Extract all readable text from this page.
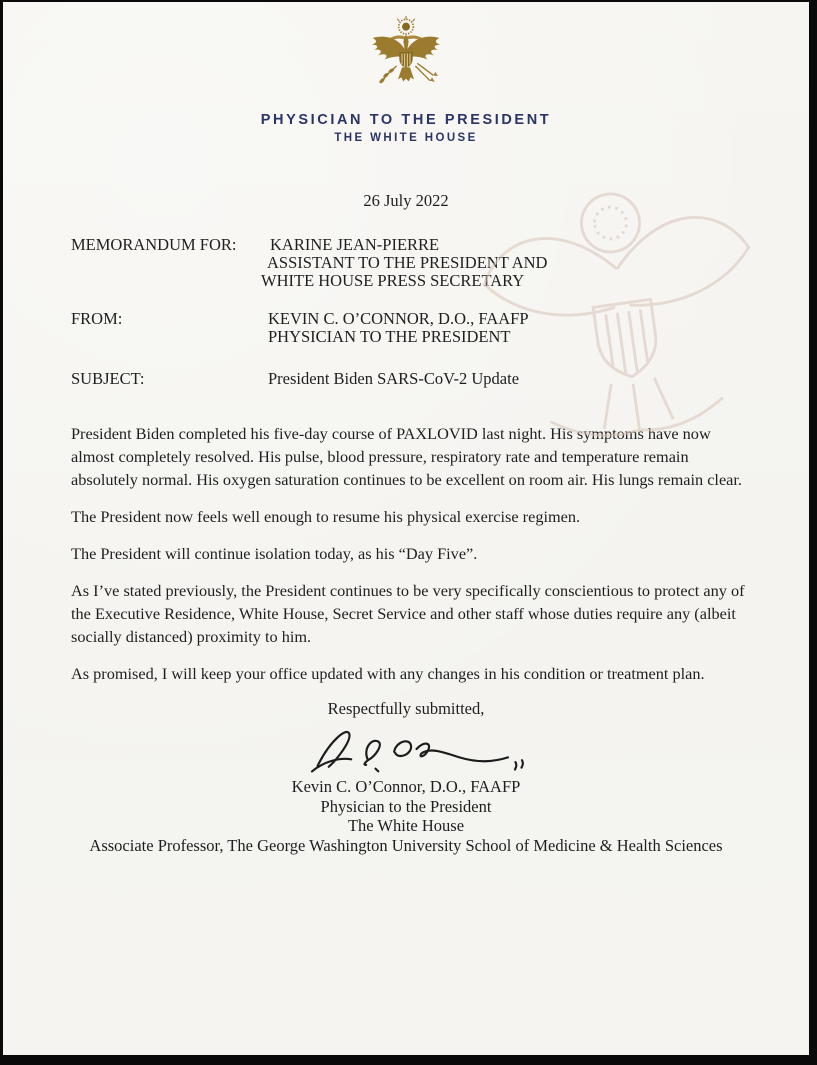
PHYSICIAN TO THE PRESIDENT
THE WHITE HOUSE
26 July 2022
MEMORANDUM FOR:	KARINE JEAN-PIERRE
ASSISTANT TO THE PRESIDENT AND
WHITE HOUSE PRESS SECRETARY
FROM:	KEVIN C. O’CONNOR, D.O., FAAFP
PHYSICIAN TO THE PRESIDENT
SUBJECT:	President Biden SARS-CoV-2 Update

President Biden completed his five-day course of PAXLOVID last night. His symptoms have now almost completely resolved. His pulse, blood pressure, respiratory rate and temperature remain absolutely normal. His oxygen saturation continues to be excellent on room air. His lungs remain clear.

The President now feels well enough to resume his physical exercise regimen.

The President will continue isolation today, as his “Day Five”.

As I’ve stated previously, the President continues to be very specifically conscientious to protect any of the Executive Residence, White House, Secret Service and other staff whose duties require any (albeit socially distanced) proximity to him.

As promised, I will keep your office updated with any changes in his condition or treatment plan.

Respectfully submitted,
Kevin C. O’Connor, D.O., FAAFP
Physician to the President
The White House
Associate Professor, The George Washington University School of Medicine & Health Sciences
